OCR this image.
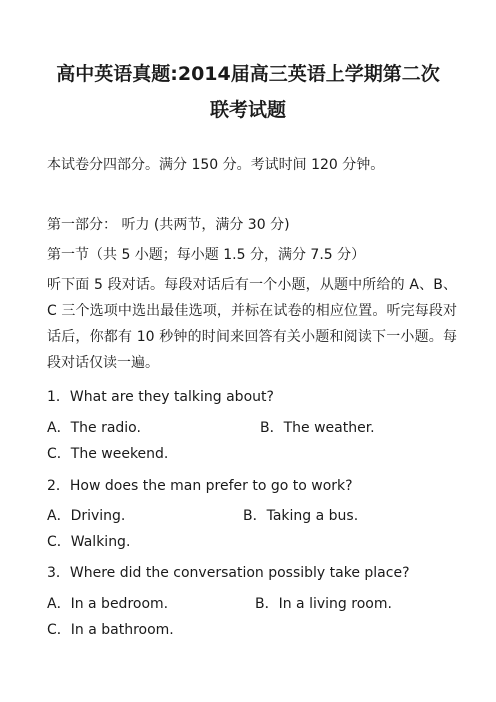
高中英语真题:2014届高三英语上学期第二次
联考试题
本试卷分四部分。满分 150 分。考试时间 120 分钟。
第一部分： 听力 (共两节，满分 30 分)
第一节（共 5 小题；每小题 1.5 分，满分 7.5 分）
听下面 5 段对话。每段对话后有一个小题，从题中所给的 A、B、C 三个选项中选出最佳选项，并标在试卷的相应位置。听完每段对话后，你都有 10 秒钟的时间来回答有关小题和阅读下一小题。每段对话仅读一遍。
1．What are they talking about?
A．The radio.	B．The weather.
C．The weekend.
2．How does the man prefer to go to work?
A．Driving.	B．Taking a bus.
C．Walking.
3．Where did the conversation possibly take place?
A．In a bedroom.	B．In a living room.
C．In a bathroom.
